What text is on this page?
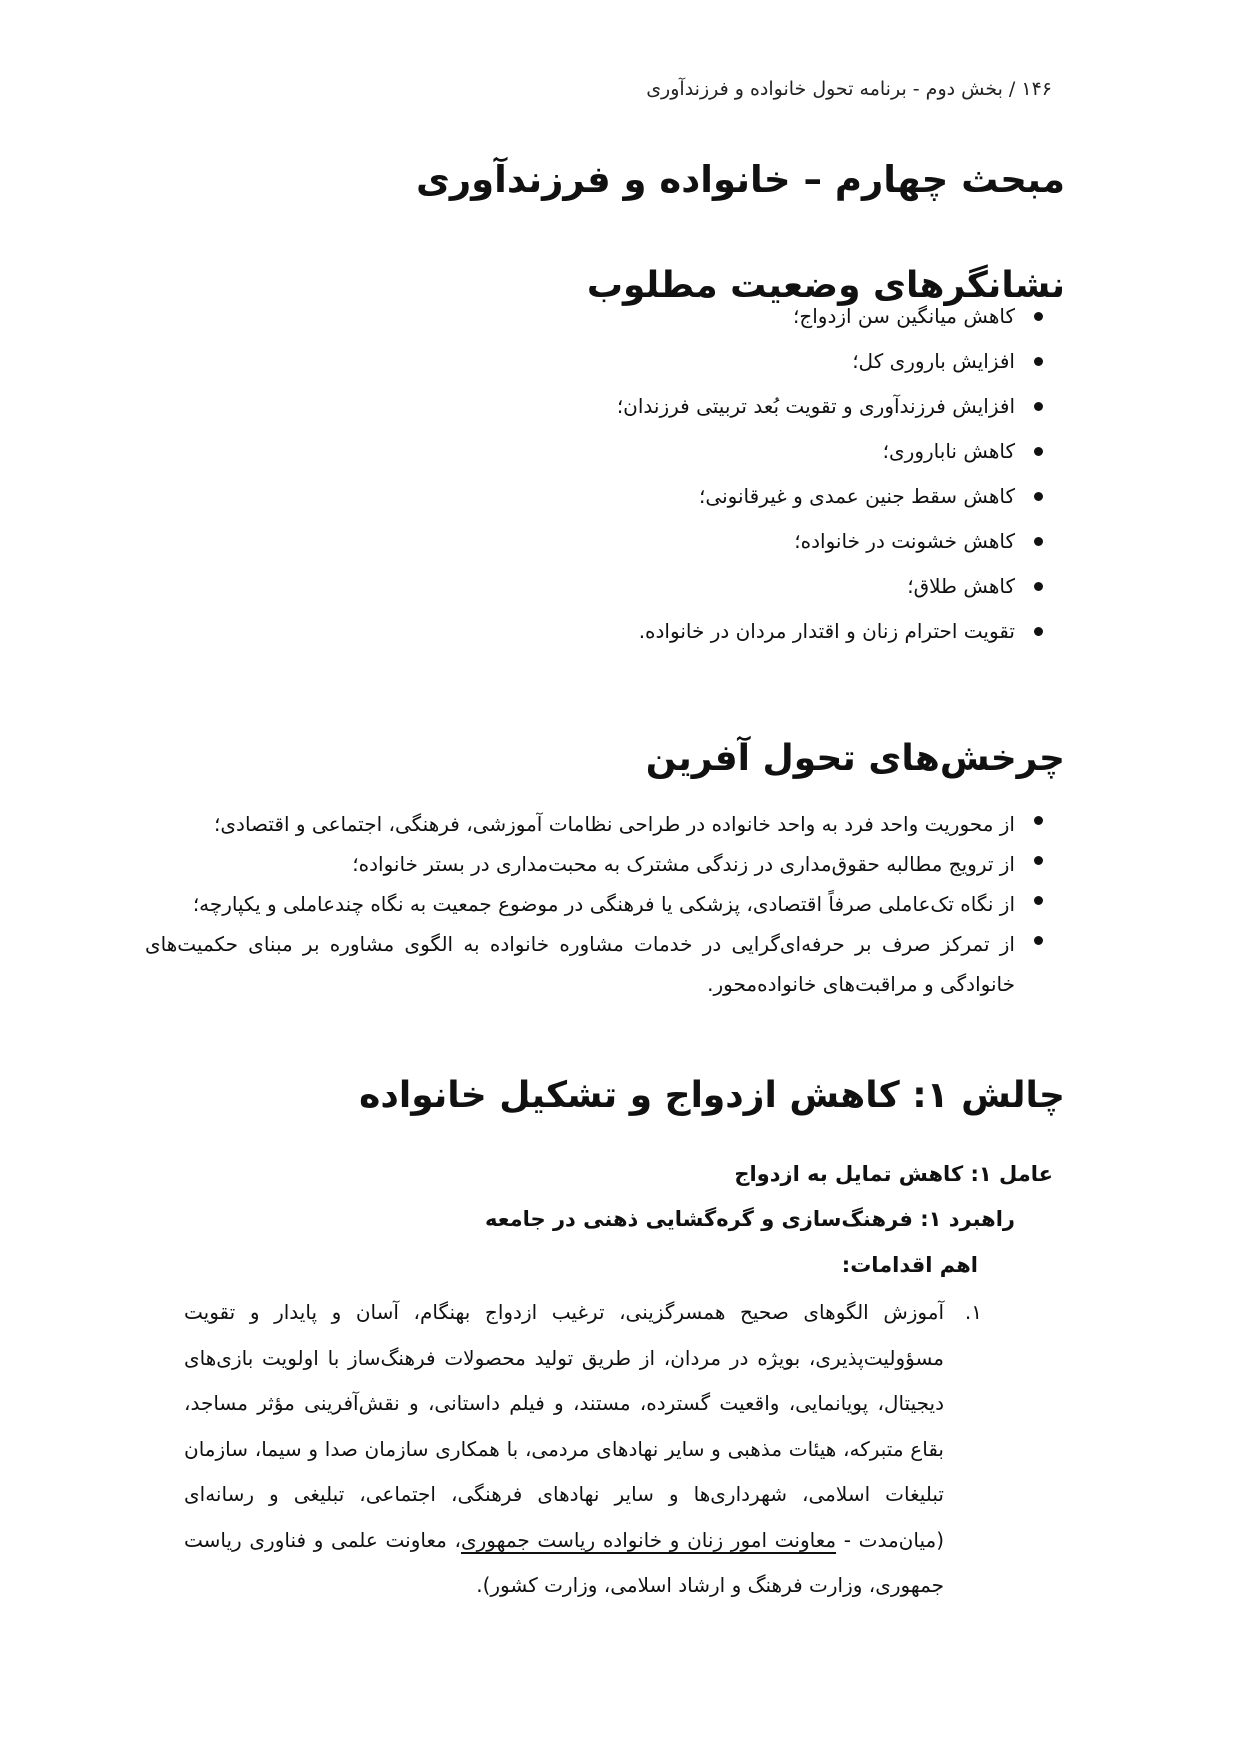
۱۴۶ / بخش دوم - برنامه تحول خانواده و فرزندآوری
مبحث چهارم – خانواده و فرزندآوری
نشانگرهای وضعیت مطلوب
کاهش میانگین سن ازدواج؛
افزایش باروری کل؛
افزایش فرزندآوری و تقویت بُعد تربیتی فرزندان؛
کاهش ناباروری؛
کاهش سقط جنین عمدی و غیرقانونی؛
کاهش خشونت در خانواده؛
کاهش طلاق؛
تقویت احترام زنان و اقتدار مردان در خانواده.
چرخش‌های تحول آفرین
از محوریت واحد فرد به واحد خانواده در طراحی نظامات آموزشی، فرهنگی، اجتماعی و اقتصادی؛
از ترویج مطالبه حقوق‌مداری در زندگی مشترک به محبت‌مداری در بستر خانواده؛
از نگاه تک‌عاملی صرفاً اقتصادی، پزشکی یا فرهنگی در موضوع جمعیت به نگاه چندعاملی و یکپارچه؛
از تمرکز صرف بر حرفه‌ای‌گرایی در خدمات مشاوره خانواده به الگوی مشاوره بر مبنای حکمیت‌های خانوادگی و مراقبت‌های خانواده‌محور.
چالش ۱: کاهش ازدواج و تشکیل خانواده
عامل ۱: کاهش تمایل به ازدواج
راهبرد ۱: فرهنگ‌سازی و گره‌گشایی ذهنی در جامعه
اهم اقدامات:
۱.
آموزش الگوهای صحیح همسرگزینی، ترغیب ازدواج بهنگام، آسان و پایدار و تقویت مسؤولیت‌پذیری، بویژه در مردان، از طریق تولید محصولات فرهنگ‌ساز با اولویت بازی‌های دیجیتال، پویانمایی، واقعیت گسترده، مستند، و فیلم داستانی، و نقش‌آفرینی مؤثر مساجد، بقاع متبرکه، هیئات مذهبی و سایر نهادهای مردمی، با همکاری سازمان صدا و سیما، سازمان تبلیغات اسلامی، شهرداری‌ها و سایر نهادهای فرهنگی، اجتماعی، تبلیغی و رسانه‌ای (میان‌مدت - معاونت امور زنان و خانواده ریاست جمهوری، معاونت علمی و فناوری ریاست جمهوری، وزارت فرهنگ و ارشاد اسلامی، وزارت کشور).
